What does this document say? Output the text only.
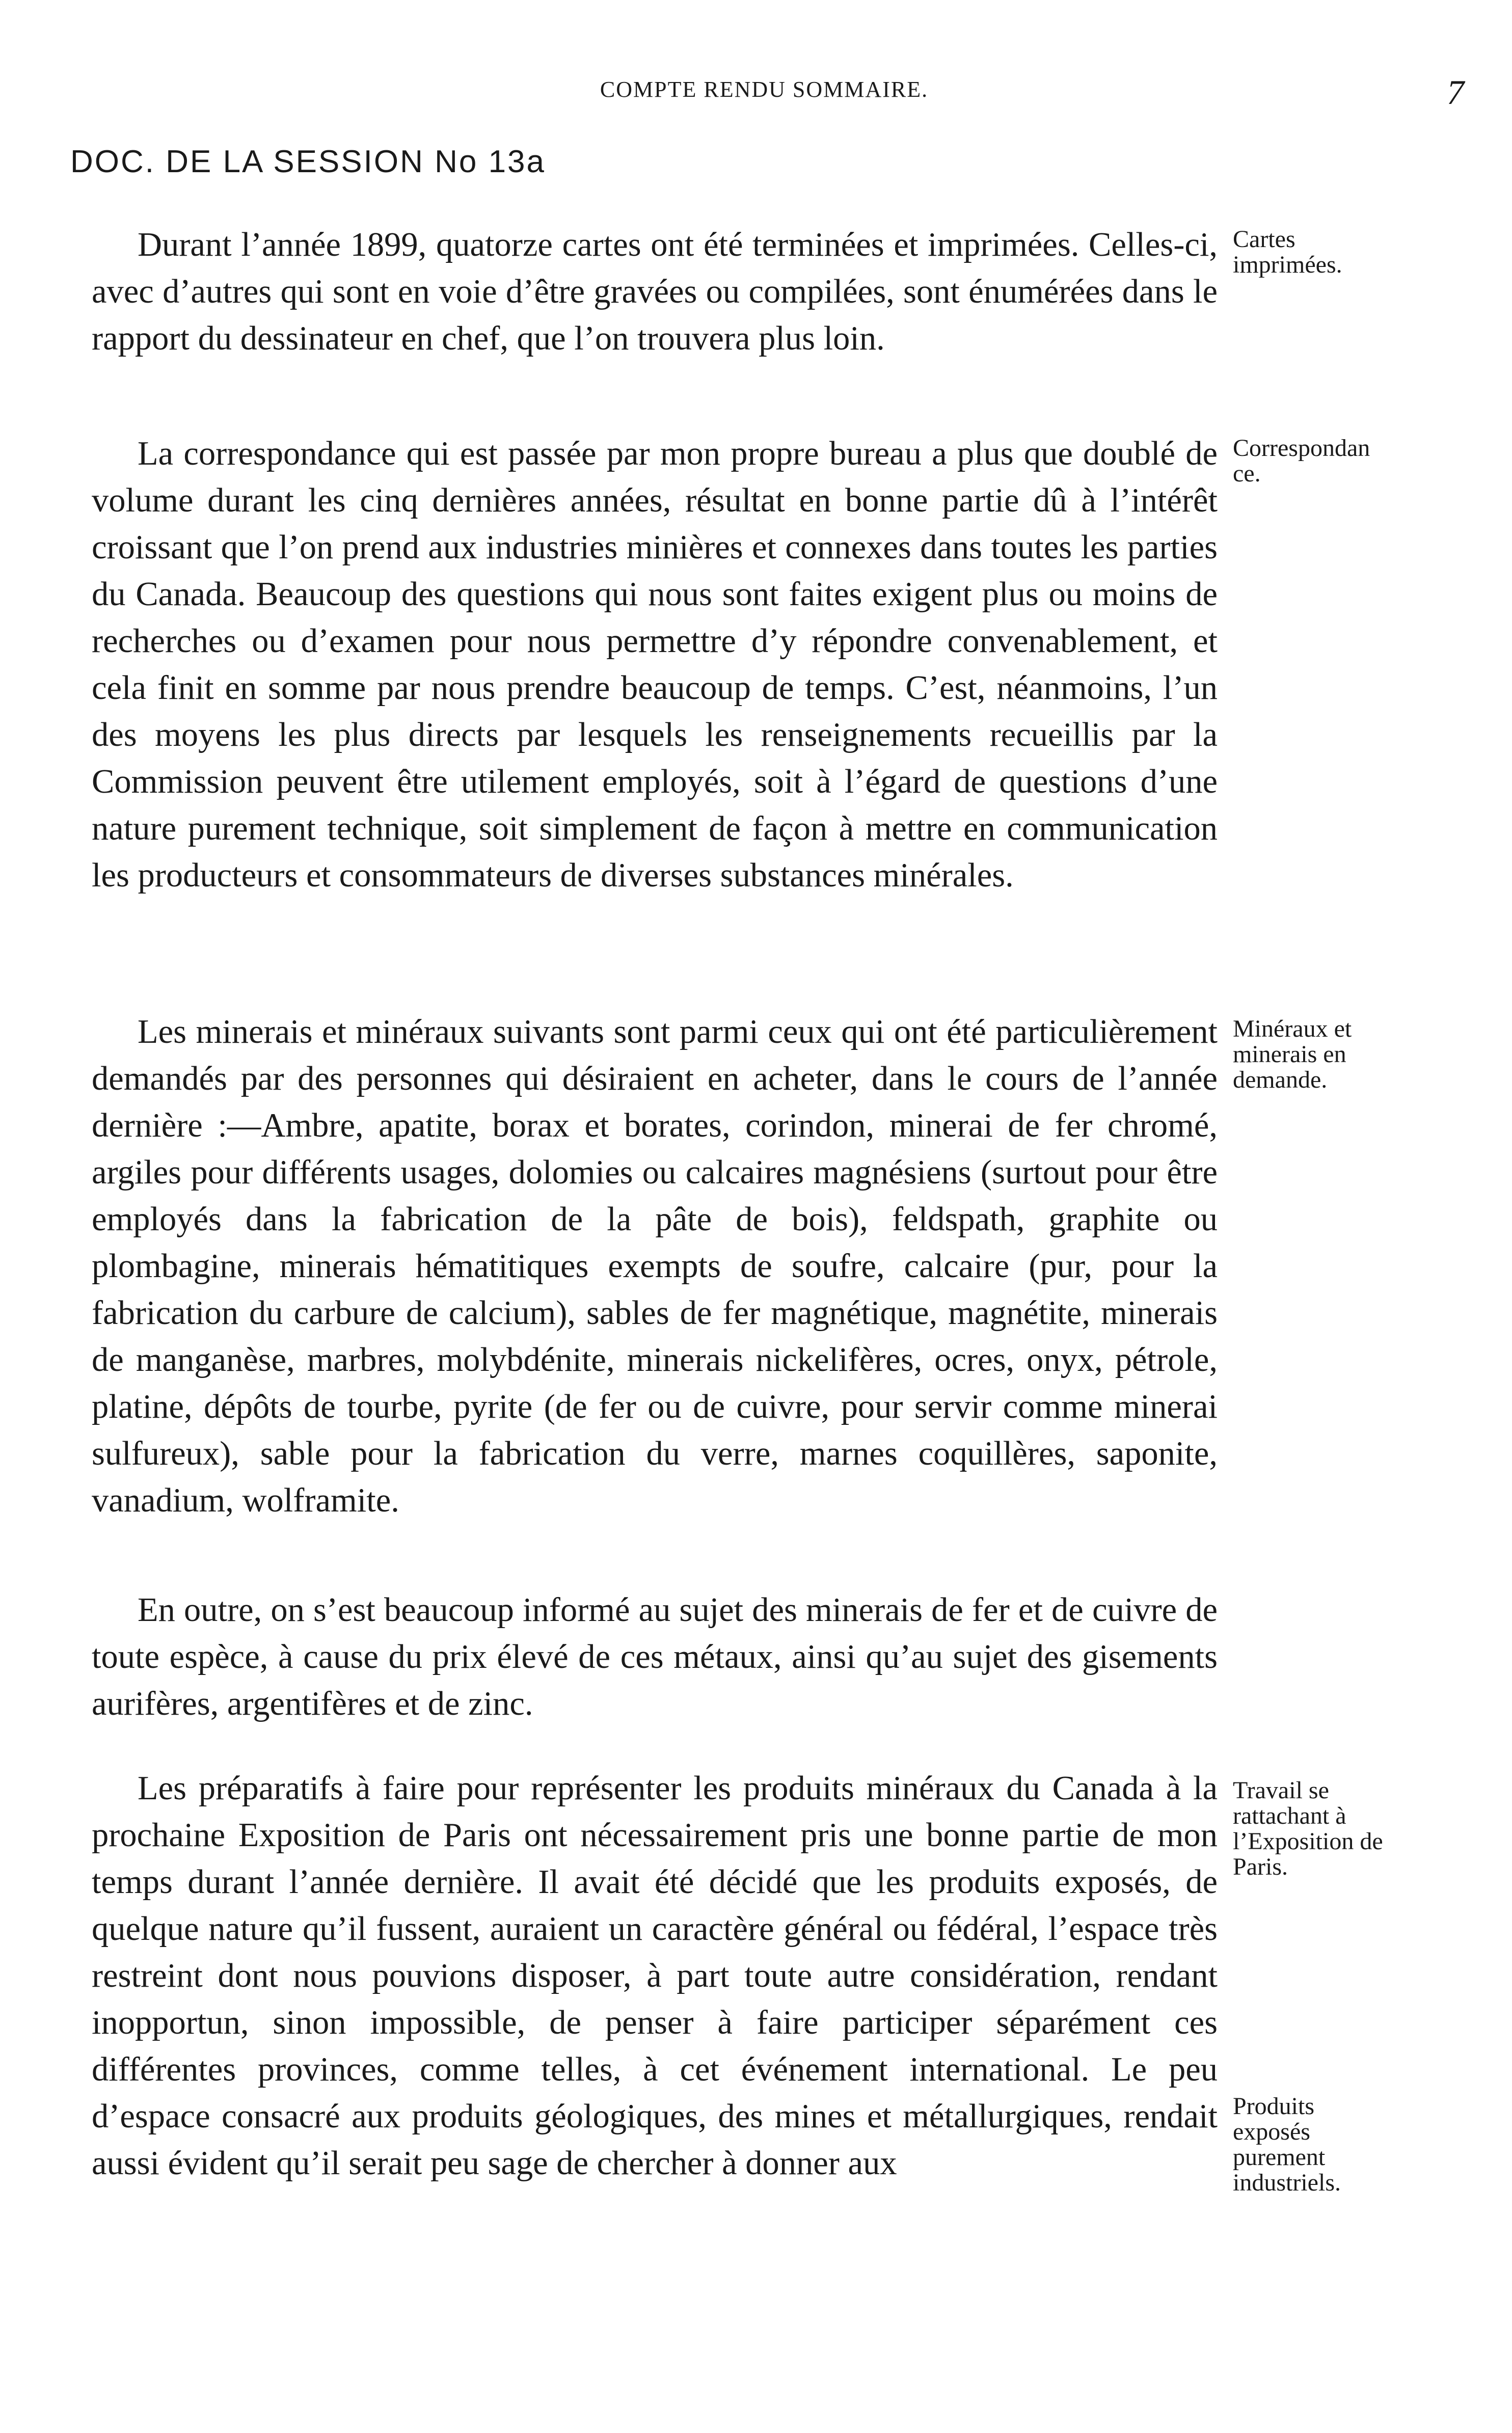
COMPTE RENDU SOMMAIRE.	7
DOC. DE LA SESSION No 13a

Durant l’année 1899, quatorze cartes ont été terminées et imprimées. Celles-ci, avec d’autres qui sont en voie d’être gravées ou compilées, sont énumérées dans le rapport du dessinateur en chef, que l’on trouvera plus loin.

Cartes imprimées.

La correspondance qui est passée par mon propre bureau a plus que doublé de volume durant les cinq dernières années, résultat en bonne partie dû à l’intérêt croissant que l’on prend aux industries minières et connexes dans toutes les parties du Canada. Beaucoup des questions qui nous sont faites exigent plus ou moins de recherches ou d’examen pour nous permettre d’y répondre convenablement, et cela finit en somme par nous prendre beaucoup de temps. C’est, néanmoins, l’un des moyens les plus directs par lesquels les renseignements recueillis par la Commission peuvent être utilement employés, soit à l’égard de questions d’une nature purement technique, soit simplement de façon à mettre en communication les producteurs et consommateurs de diverses substances minérales.

Correspondance.

Les minerais et minéraux suivants sont parmi ceux qui ont été particulièrement demandés par des personnes qui désiraient en acheter, dans le cours de l’année dernière :—Ambre, apatite, borax et borates, corindon, minerai de fer chromé, argiles pour différents usages, dolomies ou calcaires magnésiens (surtout pour être employés dans la fabrication de la pâte de bois), feldspath, graphite ou plombagine, minerais hématitiques exempts de soufre, calcaire (pur, pour la fabrication du carbure de calcium), sables de fer magnétique, magnétite, minerais de manganèse, marbres, molybdénite, minerais nickelifères, ocres, onyx, pétrole, platine, dépôts de tourbe, pyrite (de fer ou de cuivre, pour servir comme minerai sulfureux), sable pour la fabrication du verre, marnes coquillères, saponite, vanadium, wolframite.

Minéraux et minerais en demande.

En outre, on s’est beaucoup informé au sujet des minerais de fer et de cuivre de toute espèce, à cause du prix élevé de ces métaux, ainsi qu’au sujet des gisements aurifères, argentifères et de zinc.

Les préparatifs à faire pour représenter les produits minéraux du Canada à la prochaine Exposition de Paris ont nécessairement pris une bonne partie de mon temps durant l’année dernière. Il avait été décidé que les produits exposés, de quelque nature qu’il fussent, auraient un caractère général ou fédéral, l’espace très restreint dont nous pouvions disposer, à part toute autre considération, rendant inopportun, sinon impossible, de penser à faire participer séparément ces différentes provinces, comme telles, à cet événement international. Le peu d’espace consacré aux produits géologiques, des mines et métallurgiques, rendait aussi évident qu’il serait peu sage de chercher à donner aux

Travail se rattachant à l’Exposition de Paris.

Produits exposés purement industriels.
